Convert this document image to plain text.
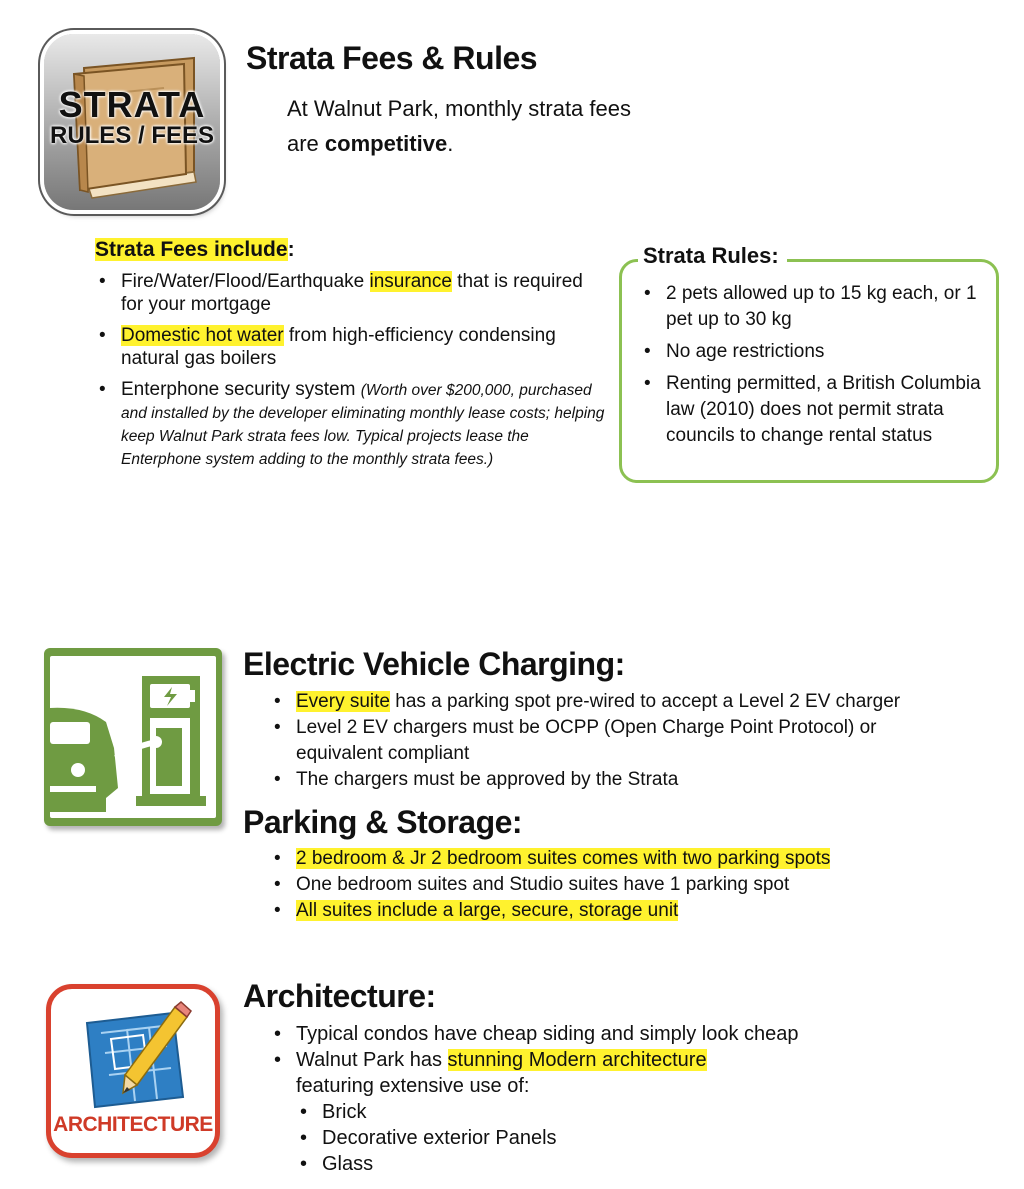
STRATA
RULES / FEES
Strata Fees & Rules
At Walnut Park, monthly strata fees
are competitive.
Strata Fees include:
• Fire/Water/Flood/Earthquake insurance that is required for your mortgage
• Domestic hot water from high-efficiency condensing natural gas boilers
• Enterphone security system (Worth over $200,000, purchased and installed by the developer eliminating monthly lease costs; helping keep Walnut Park strata fees low. Typical projects lease the Enterphone system adding to the monthly strata fees.)
Strata Rules:
• 2 pets allowed up to 15 kg each, or 1 pet up to 30 kg
• No age restrictions
• Renting permitted, a British Columbia law (2010) does not permit strata councils to change rental status
Electric Vehicle Charging:
• Every suite has a parking spot pre-wired to accept a Level 2 EV charger
• Level 2 EV chargers must be OCPP (Open Charge Point Protocol) or equivalent compliant
• The chargers must be approved by the Strata
Parking & Storage:
• 2 bedroom & Jr 2 bedroom suites comes with two parking spots
• One bedroom suites and Studio suites have 1 parking spot
• All suites include a large, secure, storage unit
ARCHITECTURE
Architecture:
• Typical condos have cheap siding and simply look cheap
• Walnut Park has stunning Modern architecture
featuring extensive use of:
• Brick
• Decorative exterior Panels
• Glass
